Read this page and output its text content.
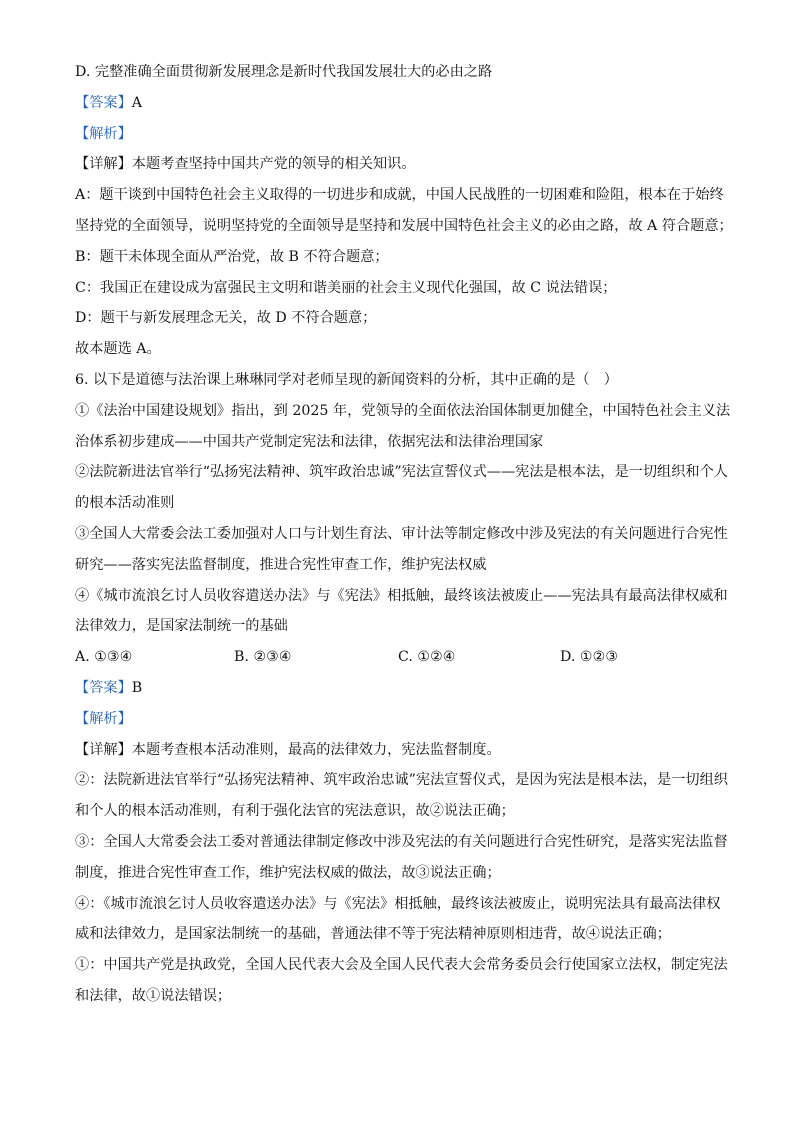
D. 完整准确全面贯彻新发展理念是新时代我国发展壮大的必由之路

【答案】A

【解析】

【详解】本题考查坚持中国共产党的领导的相关知识。

A：题干谈到中国特色社会主义取得的一切进步和成就，中国人民战胜的一切困难和险阻，根本在于始终

坚持党的全面领导，说明坚持党的全面领导是坚持和发展中国特色社会主义的必由之路，故 A 符合题意；

B：题干未体现全面从严治党，故 B 不符合题意；

C：我国正在建设成为富强民主文明和谐美丽的社会主义现代化强国，故 C 说法错误；

D：题干与新发展理念无关，故 D 不符合题意；

故本题选 A。

6. 以下是道德与法治课上琳琳同学对老师呈现的新闻资料的分析，其中正确的是（　）

①《法治中国建设规划》指出，到 2025 年，党领导的全面依法治国体制更加健全，中国特色社会主义法

治体系初步建成——中国共产党制定宪法和法律，依据宪法和法律治理国家

②法院新进法官举行“弘扬宪法精神、筑牢政治忠诚”宪法宣誓仪式——宪法是根本法，是一切组织和个人

的根本活动准则

③全国人大常委会法工委加强对人口与计划生育法、审计法等制定修改中涉及宪法的有关问题进行合宪性

研究——落实宪法监督制度，推进合宪性审查工作，维护宪法权威

④《城市流浪乞讨人员收容遣送办法》与《宪法》相抵触，最终该法被废止——宪法具有最高法律权威和

法律效力，是国家法制统一的基础

A. ①③④	B. ②③④	C. ①②④	D. ①②③

【答案】B

【解析】

【详解】本题考查根本活动准则，最高的法律效力，宪法监督制度。

②：法院新进法官举行“弘扬宪法精神、筑牢政治忠诚”宪法宣誓仪式，是因为宪法是根本法，是一切组织

和个人的根本活动准则，有利于强化法官的宪法意识，故②说法正确；

③：全国人大常委会法工委对普通法律制定修改中涉及宪法的有关问题进行合宪性研究，是落实宪法监督

制度，推进合宪性审查工作，维护宪法权威的做法，故③说法正确；

④：《城市流浪乞讨人员收容遣送办法》与《宪法》相抵触，最终该法被废止，说明宪法具有最高法律权

威和法律效力，是国家法制统一的基础，普通法律不等于宪法精神原则相违背，故④说法正确；

①：中国共产党是执政党，全国人民代表大会及全国人民代表大会常务委员会行使国家立法权，制定宪法

和法律，故①说法错误；
